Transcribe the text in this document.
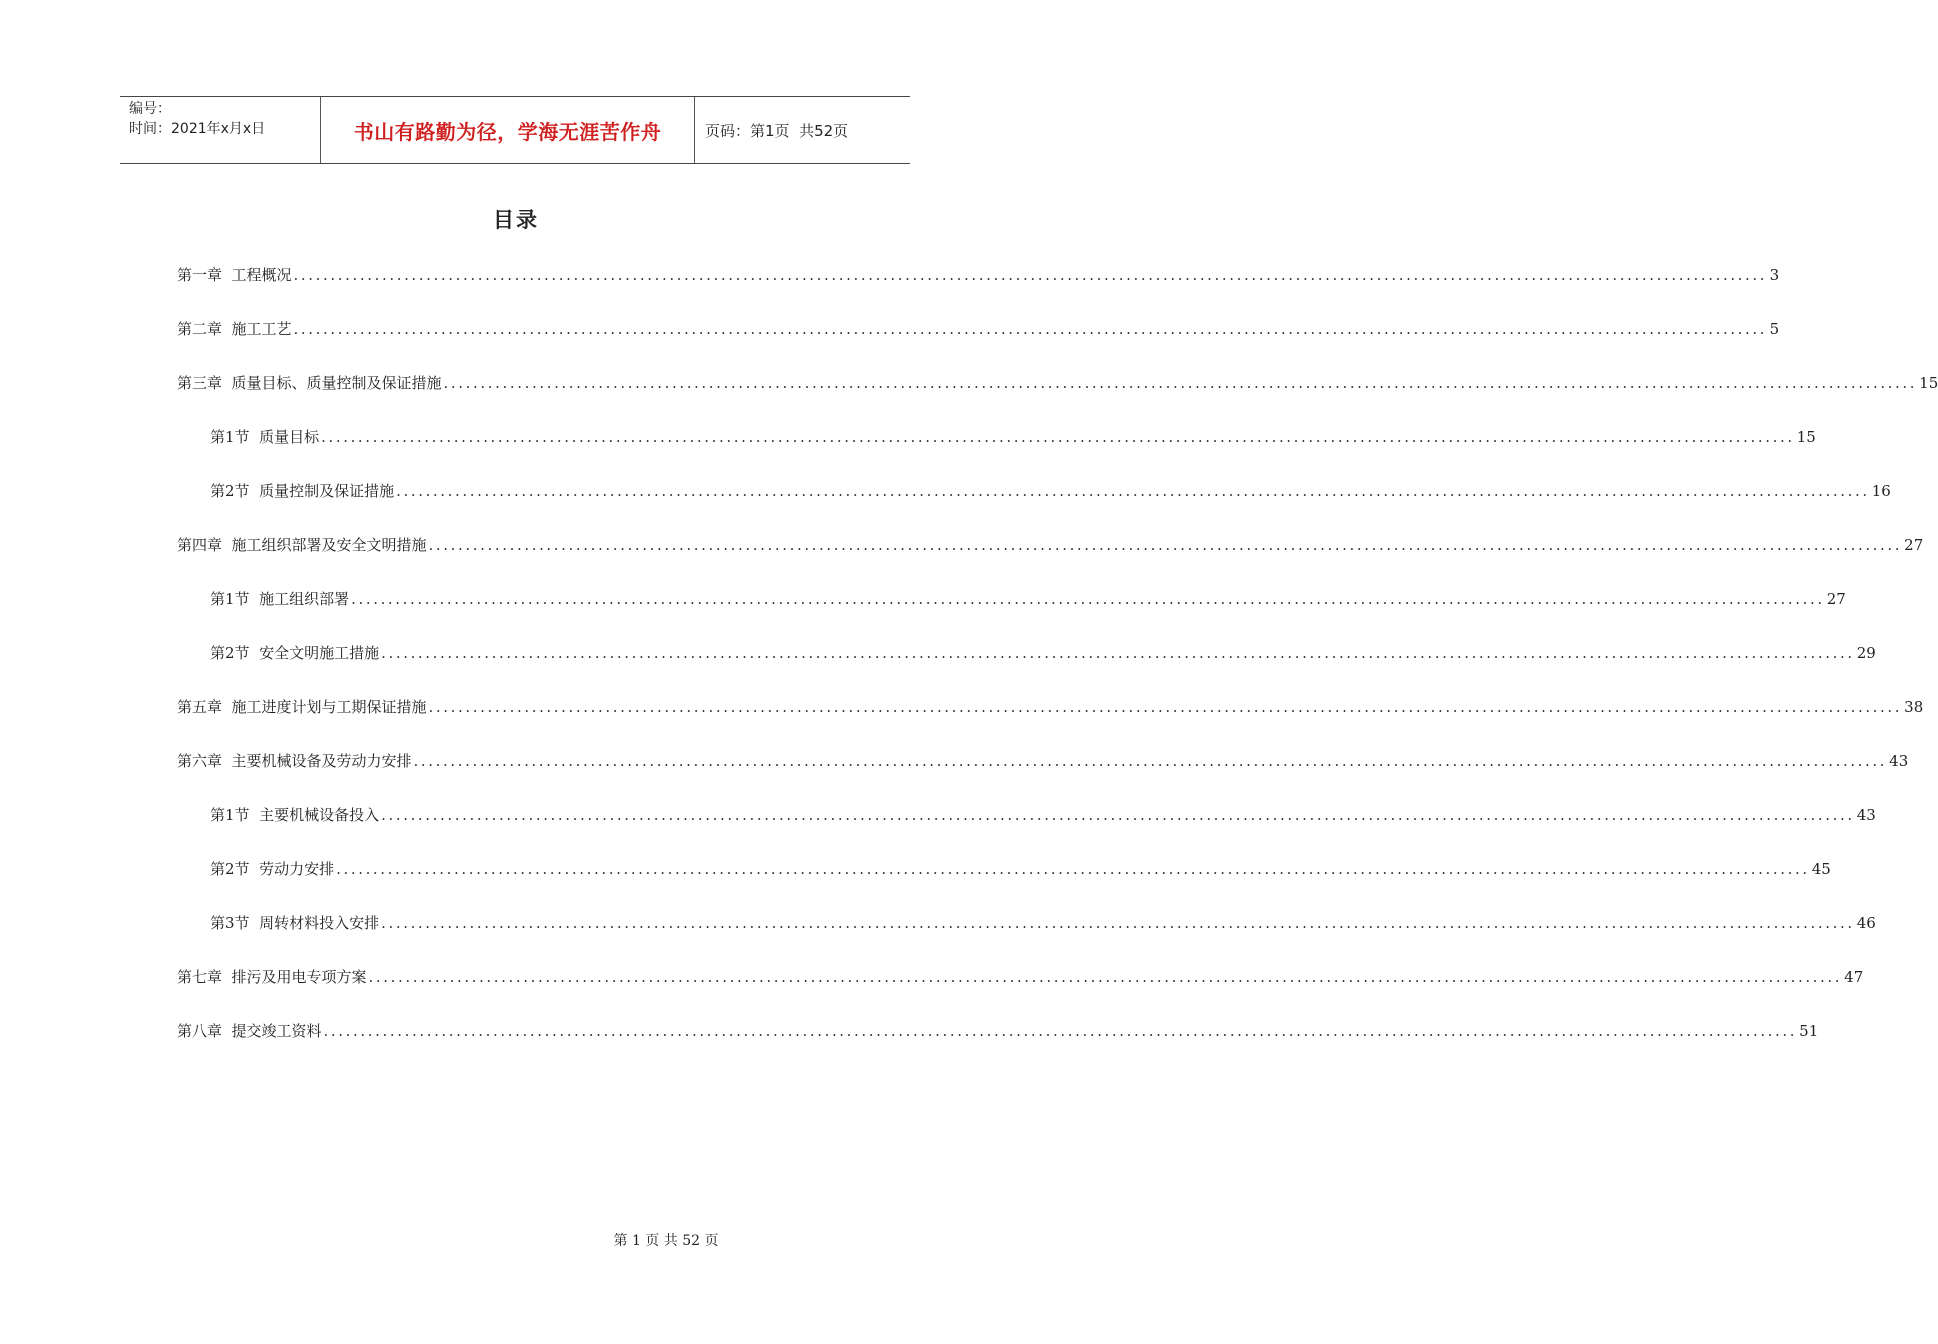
编号：
时间：2021年x月x日	书山有路勤为径，学海无涯苦作舟	页码：第1页  共52页
目录
第一章  工程概况 ........................................................................................................................................................................................................ 3
第二章  施工工艺 ........................................................................................................................................................................................................ 5
第三章  质量目标、质量控制及保证措施 ........................................................................................................................................................................................................ 15
第1节  质量目标 ........................................................................................................................................................................................................ 15
第2节  质量控制及保证措施 ........................................................................................................................................................................................................ 16
第四章  施工组织部署及安全文明措施 ........................................................................................................................................................................................................ 27
第1节  施工组织部署 ........................................................................................................................................................................................................ 27
第2节  安全文明施工措施 ........................................................................................................................................................................................................ 29
第五章  施工进度计划与工期保证措施 ........................................................................................................................................................................................................ 38
第六章  主要机械设备及劳动力安排 ........................................................................................................................................................................................................ 43
第1节  主要机械设备投入 ........................................................................................................................................................................................................ 43
第2节  劳动力安排 ........................................................................................................................................................................................................ 45
第3节  周转材料投入安排 ........................................................................................................................................................................................................ 46
第七章  排污及用电专项方案 ........................................................................................................................................................................................................ 47
第八章  提交竣工资料 ........................................................................................................................................................................................................ 51
第 1 页 共 52 页
